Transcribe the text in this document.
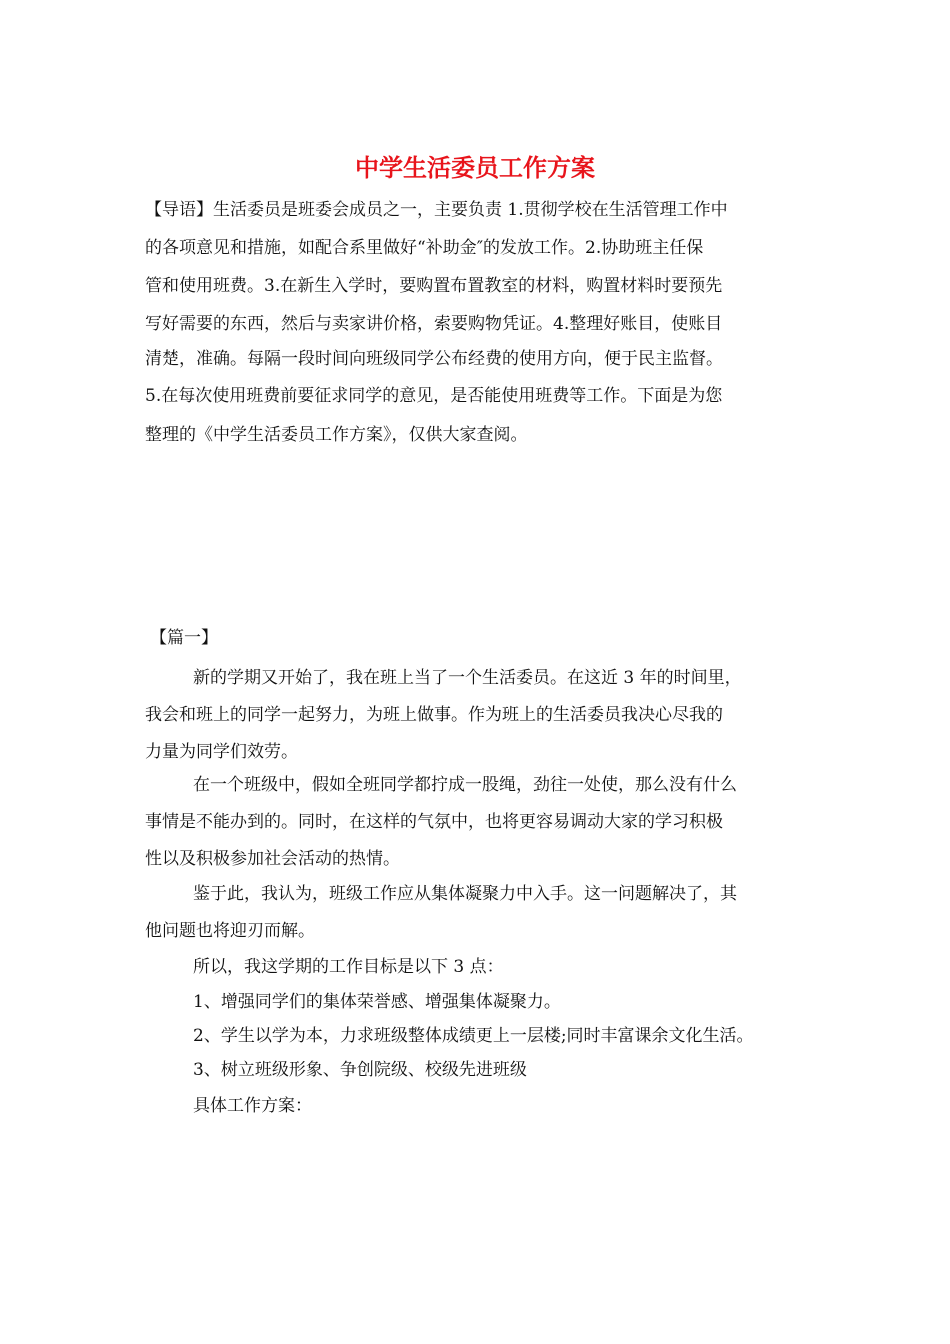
中学生活委员工作方案
【导语】生活委员是班委会成员之一，主要负责 1.贯彻学校在生活管理工作中
的各项意见和措施，如配合系里做好“补助金″的发放工作。2.协助班主任保
管和使用班费。3.在新生入学时，要购置布置教室的材料，购置材料时要预先
写好需要的东西，然后与卖家讲价格，索要购物凭证。4.整理好账目，使账目
清楚，准确。每隔一段时间向班级同学公布经费的使用方向，便于民主监督。
5.在每次使用班费前要征求同学的意见，是否能使用班费等工作。下面是为您
整理的《中学生活委员工作方案》，仅供大家查阅。
【篇一】
新的学期又开始了，我在班上当了一个生活委员。在这近 3 年的时间里，
我会和班上的同学一起努力，为班上做事。作为班上的生活委员我决心尽我的
力量为同学们效劳。
在一个班级中，假如全班同学都拧成一股绳，劲往一处使，那么没有什么
事情是不能办到的。同时，在这样的气氛中，也将更容易调动大家的学习积极
性以及积极参加社会活动的热情。
鉴于此，我认为，班级工作应从集体凝聚力中入手。这一问题解决了，其
他问题也将迎刃而解。
所以，我这学期的工作目标是以下 3 点：
1、增强同学们的集体荣誉感、增强集体凝聚力。
2、学生以学为本，力求班级整体成绩更上一层楼;同时丰富课余文化生活。
3、树立班级形象、争创院级、校级先进班级
具体工作方案：
